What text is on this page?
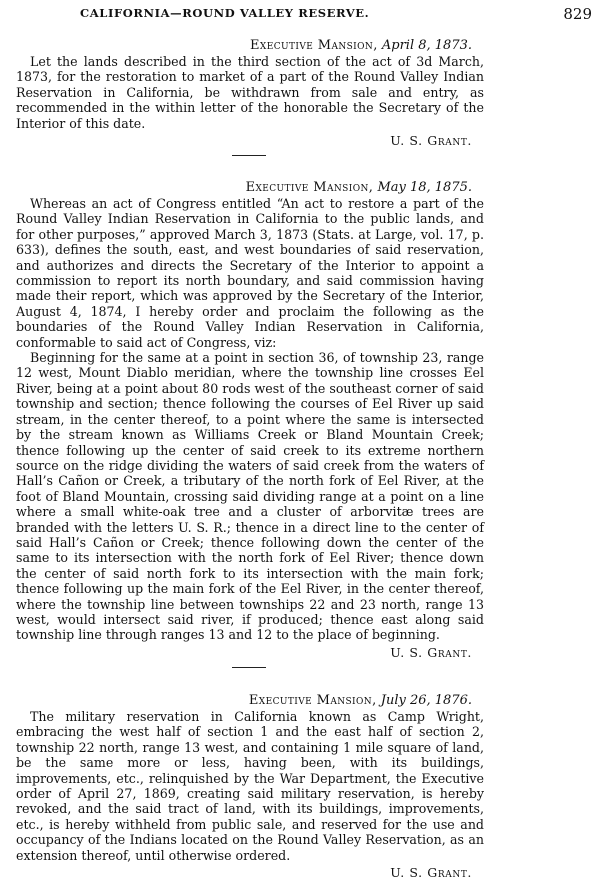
CALIFORNIA—ROUND VALLEY RESERVE.	829

Executive Mansion, April 8, 1873.

Let the lands described in the third section of the act of 3d March, 1873, for the restoration to market of a part of the Round Valley Indian Reservation in California, be withdrawn from sale and entry, as recommended in the within letter of the honorable the Secretary of the Interior of this date.

U. S. Grant.

Executive Mansion, May 18, 1875.

Whereas an act of Congress entitled “An act to restore a part of the Round Valley Indian Reservation in California to the public lands, and for other purposes,” approved March 3, 1873 (Stats. at Large, vol. 17, p. 633), defines the south, east, and west boundaries of said reservation, and authorizes and directs the Secretary of the Interior to appoint a commission to report its north boundary, and said commission having made their report, which was approved by the Secretary of the Interior, August 4, 1874, I hereby order and proclaim the following as the boundaries of the Round Valley Indian Reservation in California, conformable to said act of Congress, viz:

Beginning for the same at a point in section 36, of township 23, range 12 west, Mount Diablo meridian, where the township line crosses Eel River, being at a point about 80 rods west of the southeast corner of said township and section; thence following the courses of Eel River up said stream, in the center thereof, to a point where the same is intersected by the stream known as Williams Creek or Bland Mountain Creek; thence following up the center of said creek to its extreme northern source on the ridge dividing the waters of said creek from the waters of Hall’s Cañon or Creek, a tributary of the north fork of Eel River, at the foot of Bland Mountain, crossing said dividing range at a point on a line where a small white-oak tree and a cluster of arborvitæ trees are branded with the letters U. S. R.; thence in a direct line to the center of said Hall’s Cañon or Creek; thence following down the center of the same to its intersection with the north fork of Eel River; thence down the center of said north fork to its intersection with the main fork; thence following up the main fork of the Eel River, in the center thereof, where the township line between townships 22 and 23 north, range 13 west, would intersect said river, if produced; thence east along said township line through ranges 13 and 12 to the place of beginning.

U. S. Grant.

Executive Mansion, July 26, 1876.

The military reservation in California known as Camp Wright, embracing the west half of section 1 and the east half of section 2, township 22 north, range 13 west, and containing 1 mile square of land, be the same more or less, having been, with its buildings, improvements, etc., relinquished by the War Department, the Executive order of April 27, 1869, creating said military reservation, is hereby revoked, and the said tract of land, with its buildings, improvements, etc., is hereby withheld from public sale, and reserved for the use and occupancy of the Indians located on the Round Valley Reservation, as an extension thereof, until otherwise ordered.

U. S. Grant.
